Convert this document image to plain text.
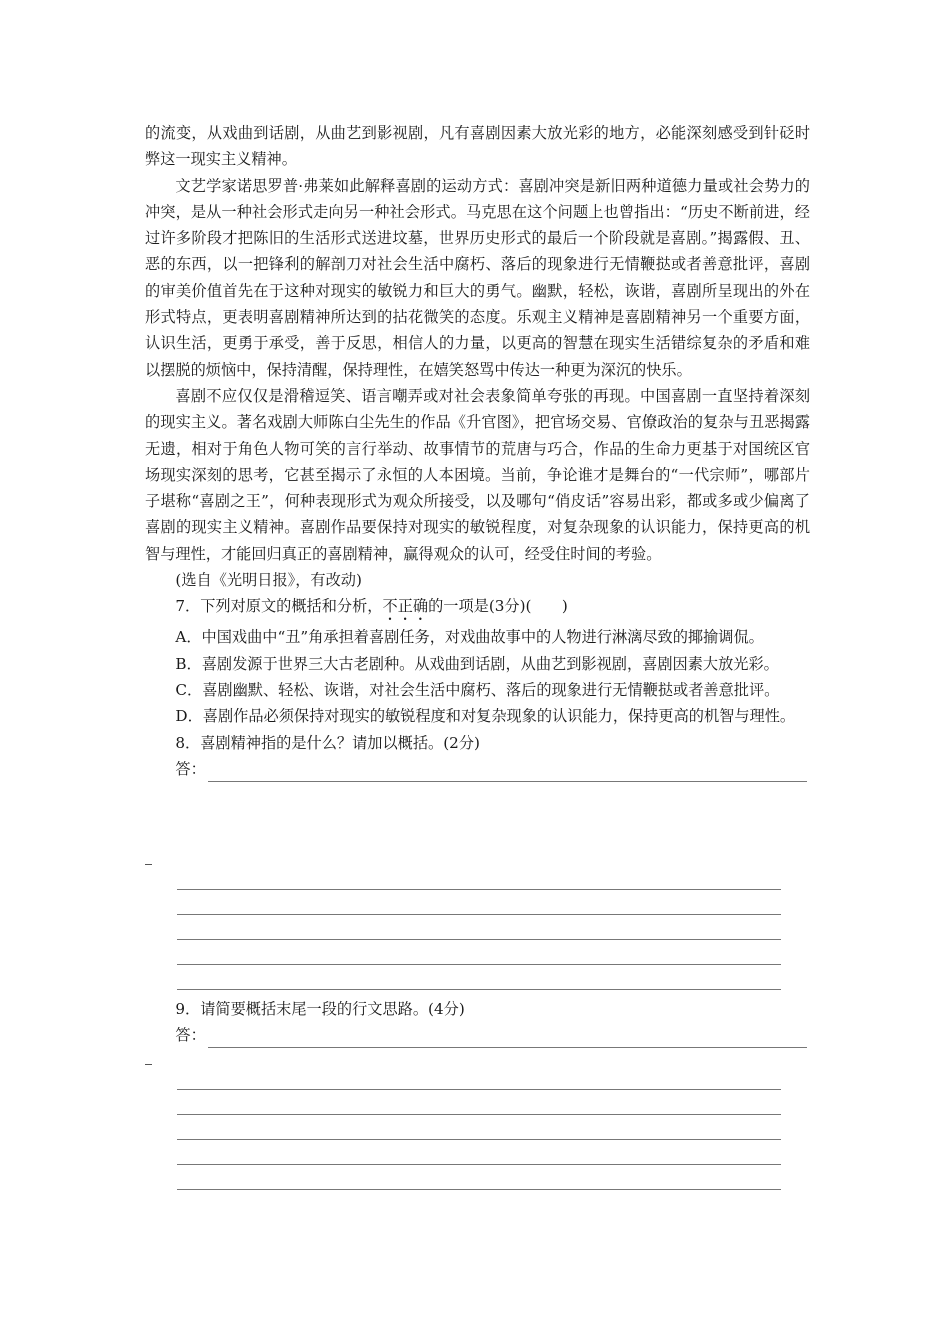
的流变，从戏曲到话剧，从曲艺到影视剧，凡有喜剧因素大放光彩的地方，必能深刻感受到针砭时弊这一现实主义精神。

文艺学家诺思罗普·弗莱如此解释喜剧的运动方式：喜剧冲突是新旧两种道德力量或社会势力的冲突，是从一种社会形式走向另一种社会形式。马克思在这个问题上也曾指出：“历史不断前进，经过许多阶段才把陈旧的生活形式送进坟墓，世界历史形式的最后一个阶段就是喜剧。”揭露假、丑、恶的东西，以一把锋利的解剖刀对社会生活中腐朽、落后的现象进行无情鞭挞或者善意批评，喜剧的审美价值首先在于这种对现实的敏锐力和巨大的勇气。幽默，轻松，诙谐，喜剧所呈现出的外在形式特点，更表明喜剧精神所达到的拈花微笑的态度。乐观主义精神是喜剧精神另一个重要方面，认识生活，更勇于承受，善于反思，相信人的力量，以更高的智慧在现实生活错综复杂的矛盾和难以摆脱的烦恼中，保持清醒，保持理性，在嬉笑怒骂中传达一种更为深沉的快乐。

喜剧不应仅仅是滑稽逗笑、语言嘲弄或对社会表象简单夸张的再现。中国喜剧一直坚持着深刻的现实主义。著名戏剧大师陈白尘先生的作品《升官图》，把官场交易、官僚政治的复杂与丑恶揭露无遗，相对于角色人物可笑的言行举动、故事情节的荒唐与巧合，作品的生命力更基于对国统区官场现实深刻的思考，它甚至揭示了永恒的人本困境。当前，争论谁才是舞台的“一代宗师”，哪部片子堪称“喜剧之王”，何种表现形式为观众所接受，以及哪句“俏皮话”容易出彩，都或多或少偏离了喜剧的现实主义精神。喜剧作品要保持对现实的敏锐程度，对复杂现象的认识能力，保持更高的机智与理性，才能回归真正的喜剧精神，赢得观众的认可，经受住时间的考验。

(选自《光明日报》，有改动)

7．下列对原文的概括和分析，不正确的一项是(3分)(　　)

A．中国戏曲中“丑”角承担着喜剧任务，对戏曲故事中的人物进行淋漓尽致的揶揄调侃。

B．喜剧发源于世界三大古老剧种。从戏曲到话剧，从曲艺到影视剧，喜剧因素大放光彩。

C．喜剧幽默、轻松、诙谐，对社会生活中腐朽、落后的现象进行无情鞭挞或者善意批评。

D．喜剧作品必须保持对现实的敏锐程度和对复杂现象的认识能力，保持更高的机智与理性。

8．喜剧精神指的是什么？请加以概括。(2分)

答：

9．请简要概括末尾一段的行文思路。(4分)

答：
